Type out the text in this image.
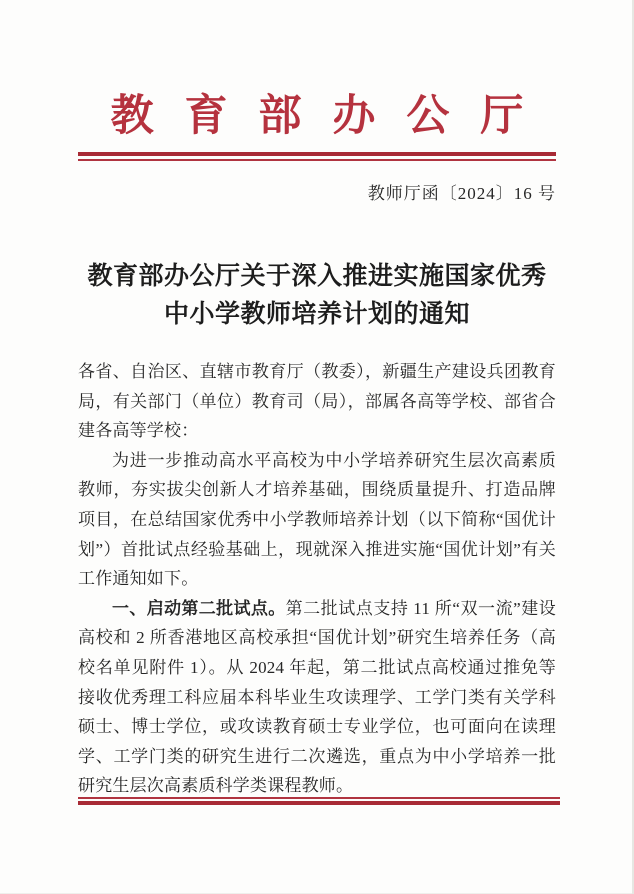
教育部办公厅
教师厅函〔2024〕16 号
教育部办公厅关于深入推进实施国家优秀
中小学教师培养计划的通知

各省、自治区、直辖市教育厅（教委），新疆生产建设兵团教育局，有关部门（单位）教育司（局），部属各高等学校、部省合建各高等学校：

为进一步推动高水平高校为中小学培养研究生层次高素质教师，夯实拔尖创新人才培养基础，围绕质量提升、打造品牌项目，在总结国家优秀中小学教师培养计划（以下简称“国优计划”）首批试点经验基础上，现就深入推进实施“国优计划”有关工作通知如下。

一、启动第二批试点。第二批试点支持 11 所“双一流”建设高校和 2 所香港地区高校承担“国优计划”研究生培养任务（高校名单见附件 1）。从 2024 年起，第二批试点高校通过推免等接收优秀理工科应届本科毕业生攻读理学、工学门类有关学科硕士、博士学位，或攻读教育硕士专业学位，也可面向在读理学、工学门类的研究生进行二次遴选，重点为中小学培养一批研究生层次高素质科学类课程教师。
